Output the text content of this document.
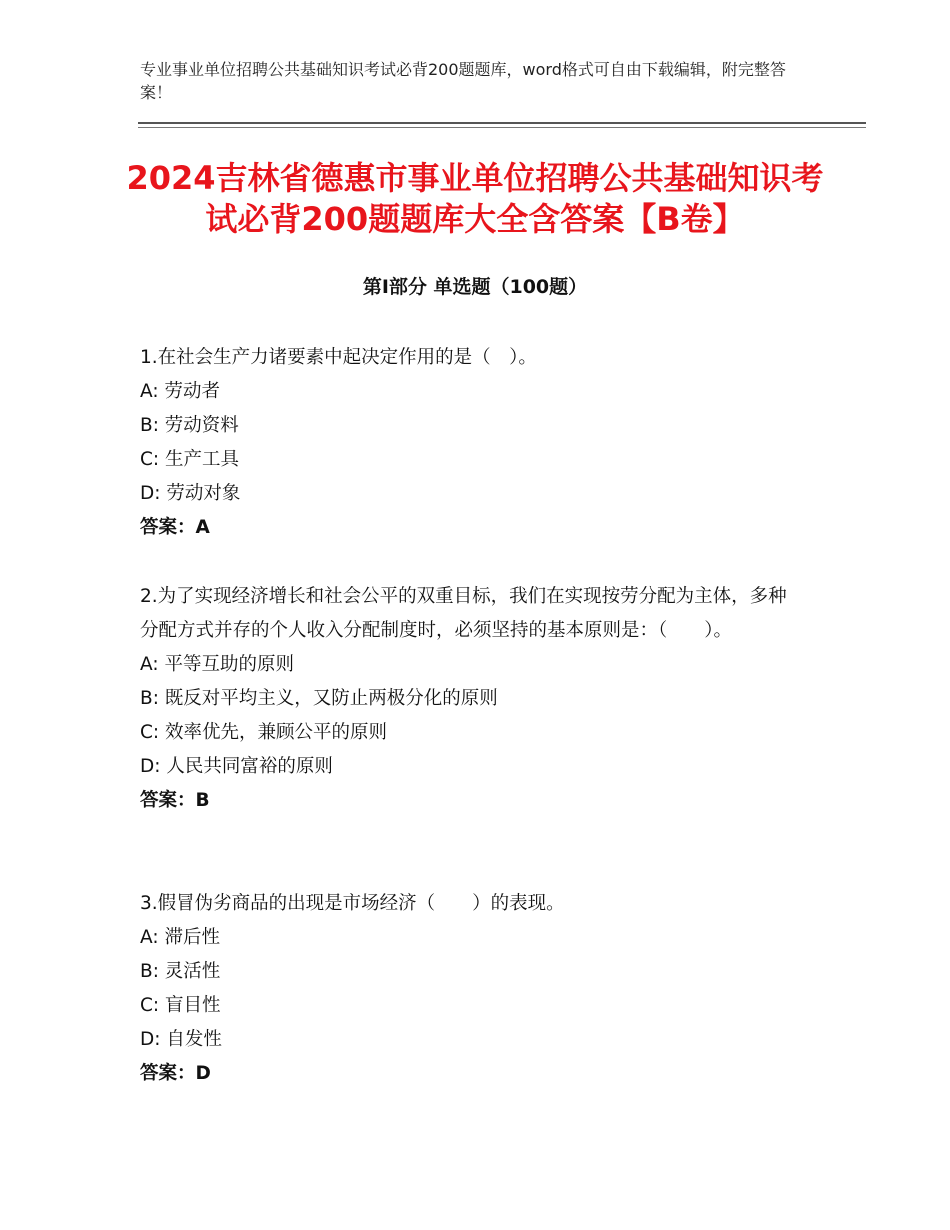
专业事业单位招聘公共基础知识考试必背200题题库，word格式可自由下载编辑，附完整答案！
2024吉林省德惠市事业单位招聘公共基础知识考试必背200题题库大全含答案【B卷】
第Ⅰ部分 单选题（100题）
1.在社会生产力诸要素中起决定作用的是（　）。
A: 劳动者
B: 劳动资料
C: 生产工具
D: 劳动对象
答案：A
2.为了实现经济增长和社会公平的双重目标，我们在实现按劳分配为主体，多种分配方式并存的个人收入分配制度时，必须坚持的基本原则是：（　　）。
A: 平等互助的原则
B: 既反对平均主义，又防止两极分化的原则
C: 效率优先，兼顾公平的原则
D: 人民共同富裕的原则
答案：B
3.假冒伪劣商品的出现是市场经济（　　）的表现。
A: 滞后性
B: 灵活性
C: 盲目性
D: 自发性
答案：D
